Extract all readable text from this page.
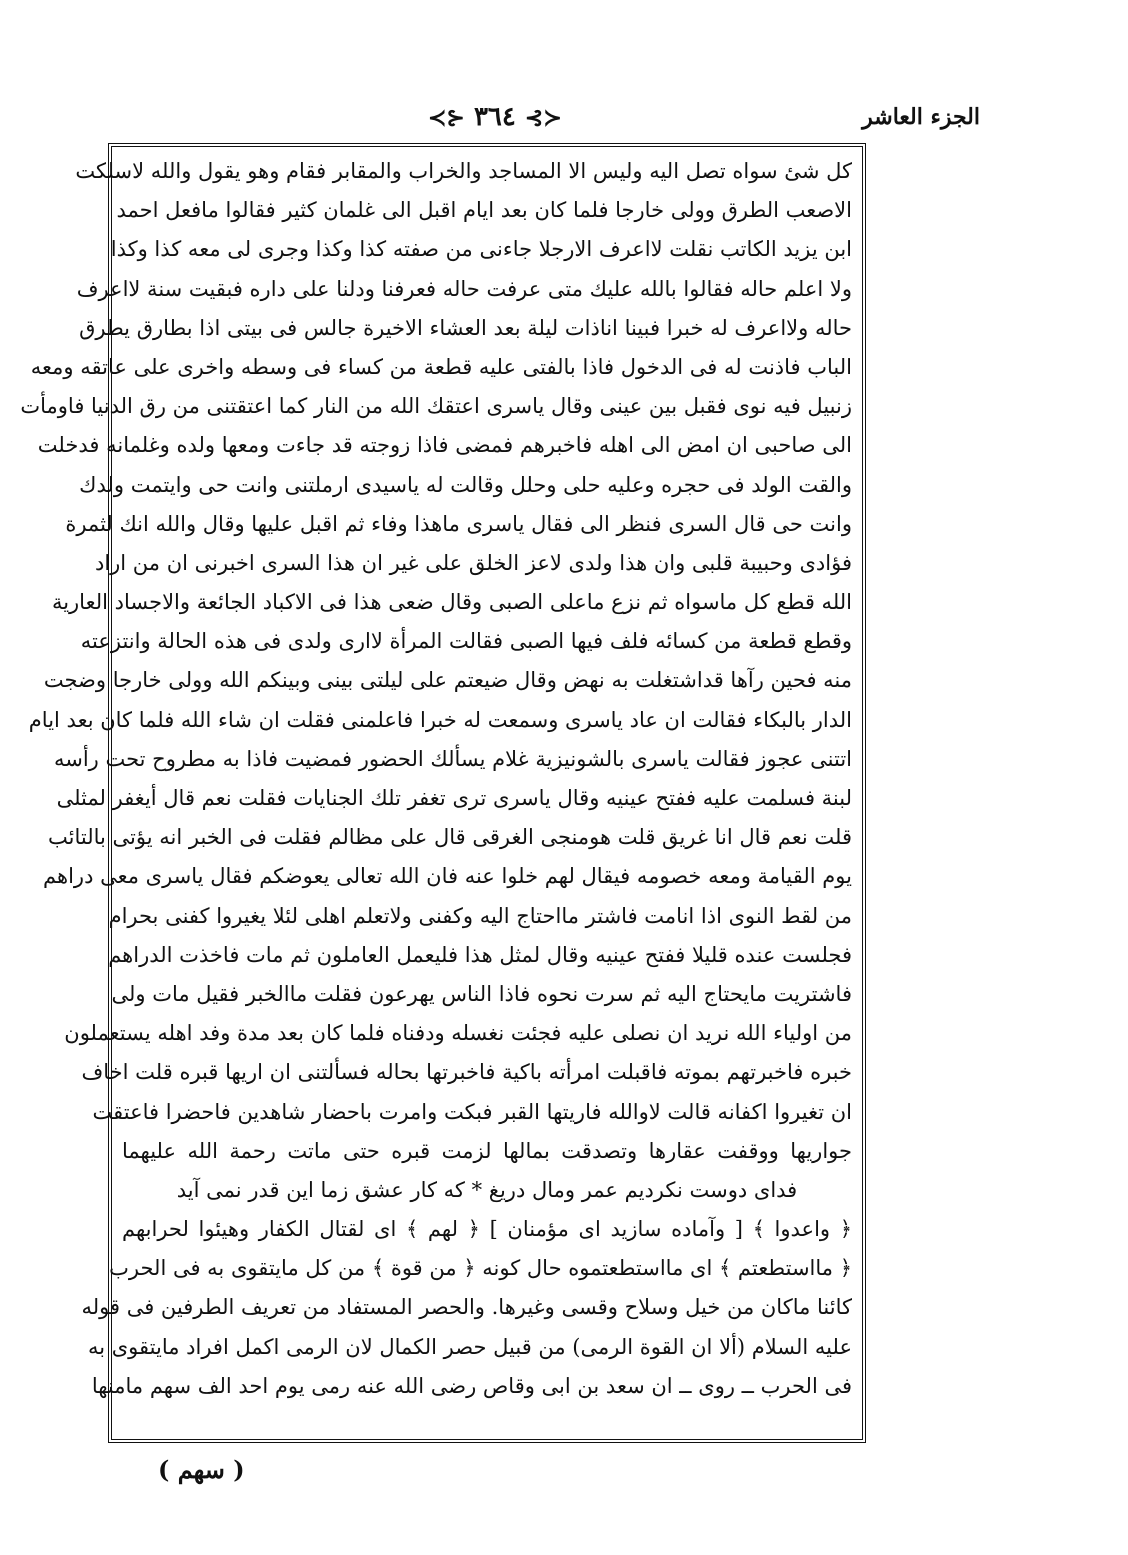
الجزء العاشر
≺⊱ ٣٦٤ ⊰≻
كل شئ سواه تصل اليه وليس الا المساجد والخراب والمقابر فقام وهو يقول والله لاسلكت
الاصعب الطرق وولى خارجا فلما كان بعد ايام اقبل الى غلمان كثير فقالوا مافعل احمد
ابن يزيد الكاتب نقلت لااعرف الارجلا جاءنى من صفته كذا وكذا وجرى لى معه كذا وكذا
ولا اعلم حاله فقالوا بالله عليك متى عرفت حاله فعرفنا ودلنا على داره فبقيت سنة لااعرف
حاله ولااعرف له خبرا فبينا اناذات ليلة بعد العشاء الاخيرة جالس فى بيتى اذا بطارق يطرق
الباب فاذنت له فى الدخول فاذا بالفتى عليه قطعة من كساء فى وسطه واخرى على عاتقه ومعه
زنبيل فيه نوى فقبل بين عينى وقال ياسرى اعتقك الله من النار كما اعتقتنى من رق الدنيا فاومأت
الى صاحبى ان امض الى اهله فاخبرهم فمضى فاذا زوجته قد جاءت ومعها ولده وغلمانه فدخلت
والقت الولد فى حجره وعليه حلى وحلل وقالت له ياسيدى ارملتنى وانت حى وايتمت ولدك
وانت حى قال السرى فنظر الى فقال ياسرى ماهذا وفاء ثم اقبل عليها وقال والله انك لثمرة
فؤادى وحبيبة قلبى وان هذا ولدى لاعز الخلق على غير ان هذا السرى اخبرنى ان من اراد
الله قطع كل ماسواه ثم نزع ماعلى الصبى وقال ضعى هذا فى الاكباد الجائعة والاجساد العارية
وقطع قطعة من كسائه فلف فيها الصبى فقالت المرأة لاارى ولدى فى هذه الحالة وانتزعته
منه فحين رآها قداشتغلت به نهض وقال ضيعتم على ليلتى بينى وبينكم الله وولى خارجا وضجت
الدار بالبكاء فقالت ان عاد ياسرى وسمعت له خبرا فاعلمنى فقلت ان شاء الله فلما كان بعد ايام
اتتنى عجوز فقالت ياسرى بالشونيزية غلام يسألك الحضور فمضيت فاذا به مطروح تحت رأسه
لبنة فسلمت عليه ففتح عينيه وقال ياسرى ترى تغفر تلك الجنايات فقلت نعم قال أيغفر لمثلى
قلت نعم قال انا غريق قلت هومنجى الغرقى قال على مظالم فقلت فى الخبر انه يؤتى بالتائب
يوم القيامة ومعه خصومه فيقال لهم خلوا عنه فان الله تعالى يعوضكم فقال ياسرى معى دراهم
من لقط النوى اذا انامت فاشتر مااحتاج اليه وكفنى ولاتعلم اهلى لئلا يغيروا كفنى بحرام
فجلست عنده قليلا ففتح عينيه وقال لمثل هذا فليعمل العاملون ثم مات فاخذت الدراهم
فاشتريت مايحتاج اليه ثم سرت نحوه فاذا الناس يهرعون فقلت ماالخبر فقيل مات ولى
من اولياء الله نريد ان نصلى عليه فجئت نغسله ودفناه فلما كان بعد مدة وفد اهله يستعملون
خبره فاخبرتهم بموته فاقبلت امرأته باكية فاخبرتها بحاله فسألتنى ان اريها قبره قلت اخاف
ان تغيروا اكفانه قالت لاوالله فاريتها القبر فبكت وامرت باحضار شاهدين فاحضرا فاعتقت
جواريها ووقفت عقارها وتصدقت بمالها لزمت قبره حتى ماتت رحمة الله عليهما
فداى دوست نكرديم عمر ومال دريغ * كه كار عشق زما اين قدر نمى آيد
﴿ واعدوا ﴾ [ وآماده سازيد اى مؤمنان ] ﴿ لهم ﴾ اى لقتال الكفار وهيئوا لحرابهم
﴿ مااستطعتم ﴾ اى مااستطعتموه حال كونه ﴿ من قوة ﴾ من كل مايتقوى به فى الحرب
كائنا ماكان من خيل وسلاح وقسى وغيرها. والحصر المستفاد من تعريف الطرفين فى قوله
عليه السلام (ألا ان القوة الرمى) من قبيل حصر الكمال لان الرمى اكمل افراد مايتقوى به
فى الحرب ــ روى ــ ان سعد بن ابى وقاص رضى الله عنه رمى يوم احد الف سهم مامنها
( سهم )
